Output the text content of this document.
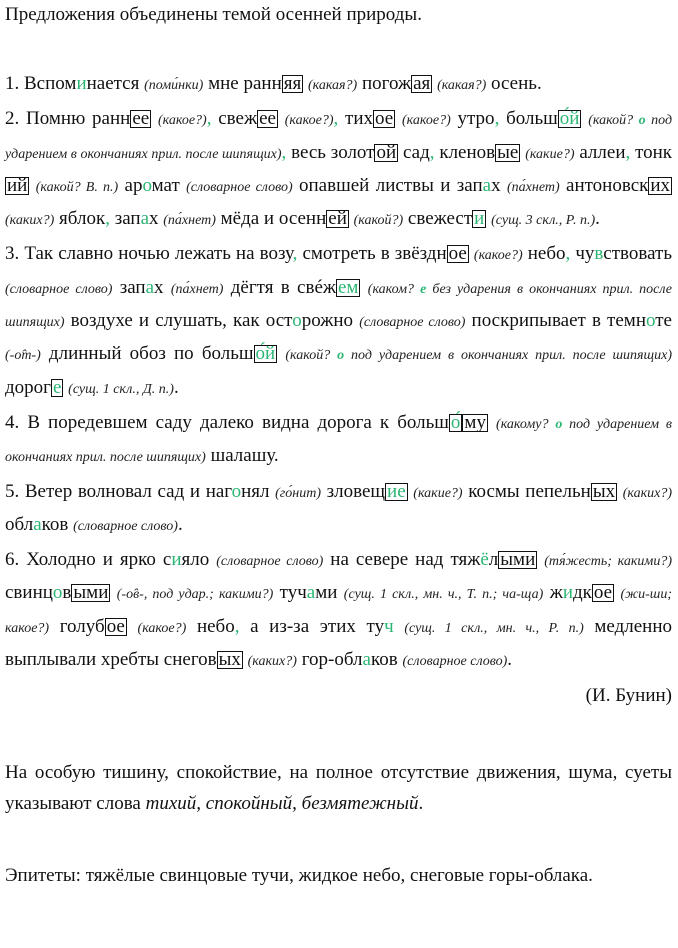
Предложения объединены темой осенней природы.

1. Вспоминается (поми́нки) мне ранн яя (какая?) погож ая (какая?) осень.

2. Помню ранн ее (какое?), свеж ее (какое?), тих ое (какое?) утро, больш о́й (какой? о под ударением в окончаниях прил. после шипящих), весь золот ой сад, кленов ые (какие?) аллеи, тонкий (какой? В. п.) аромат (словарное слово) опавшей листвы и запах (па́хнет) антоновск их (каких?) яблок, запах (па́хнет) мёда и осенн ей (какой?) свежест и (сущ. 3 скл., Р. п.).

3. Так славно ночью лежать на возу, смотреть в звёздн ое (какое?) небо, чувствовать (словарное слово) запах (па́хнет) дёгтя в свéж ем (каком? е без ударения в окончаниях прил. после шипящих) воздухе и слушать, как осторожно (словарное слово) поскрипывает в темноте (-о̂т-) длинный обоз по больш о́й (какой? о под ударением в окончаниях прил. после шипящих) дорог е (сущ. 1 скл., Д. п.).

4. В поредевшем саду далеко видна дорога к больш о́ му (какому? о под ударением в окончаниях прил. после шипящих) шалашу.

5. Ветер волновал сад и нагонял (го́нит) зловещ ие (какие?) космы пепельн ых (каких?) облаков (словарное слово).

6. Холодно и ярко сияло (словарное слово) на севере над тяжёл ыми (тя́жесть; какими?) свинцов ыми (-о̂в-, под удар.; какими?) тучами (сущ. 1 скл., мн. ч., Т. п.; ча-ща) жидк ое (жи-ши; какое?) голуб ое (какое?) небо, а из-за этих туч (сущ. 1 скл., мн. ч., Р. п.) медленно выплывали хребты снегов ых (каких?) гор-облаков (словарное слово).

(И. Бунин)

На особую тишину, спокойствие, на полное отсутствие движения, шума, суеты указывают слова тихий, спокойный, безмятежный.

Эпитеты: тяжёлые свинцовые тучи, жидкое небо, снеговые горы-облака.
